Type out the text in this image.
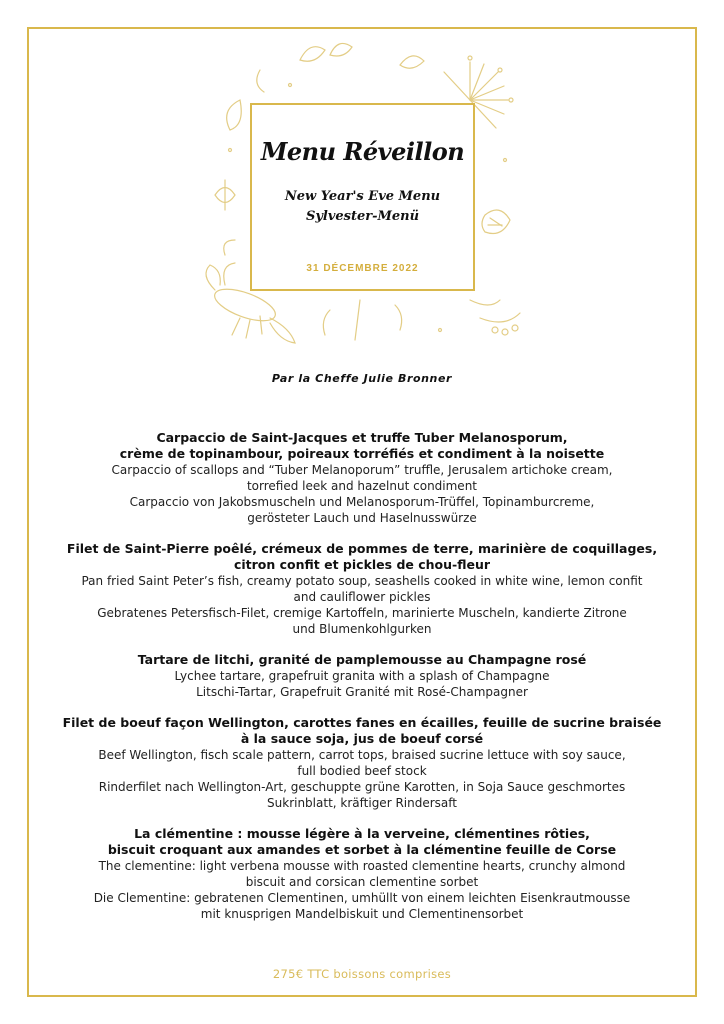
Menu Réveillon
New Year's Eve Menu
Sylvester-Menü
31 DÉCEMBRE 2022
Par la Cheffe Julie Bronner
Carpaccio de Saint-Jacques et truffe Tuber Melanosporum,
crème de topinambour, poireaux torréfiés et condiment à la noisette
Carpaccio of scallops and “Tuber Melanoporum” truffle, Jerusalem artichoke cream,
torrefied leek and hazelnut condiment
Carpaccio von Jakobsmuscheln und Melanosporum-Trüffel, Topinamburcreme,
gerösteter Lauch und Haselnusswürze
Filet de Saint-Pierre poêlé, crémeux de pommes de terre, marinière de coquillages,
citron confit et pickles de chou-fleur
Pan fried Saint Peter’s fish, creamy potato soup, seashells cooked in white wine, lemon confit
and cauliflower pickles
Gebratenes Petersfisch-Filet, cremige Kartoffeln, marinierte Muscheln, kandierte Zitrone
und Blumenkohlgurken
Tartare de litchi, granité de pamplemousse au Champagne rosé
Lychee tartare, grapefruit granita with a splash of Champagne
Litschi-Tartar, Grapefruit Granité mit Rosé-Champagner
Filet de boeuf façon Wellington, carottes fanes en écailles, feuille de sucrine braisée
à la sauce soja, jus de boeuf corsé
Beef Wellington, fisch scale pattern, carrot tops, braised sucrine lettuce with soy sauce,
full bodied beef stock
Rinderfilet nach Wellington-Art, geschuppte grüne Karotten, in Soja Sauce geschmortes
Sukrinblatt, kräftiger Rindersaft
La clémentine : mousse légère à la verveine, clémentines rôties,
biscuit croquant aux amandes et sorbet à la clémentine feuille de Corse
The clementine: light verbena mousse with roasted clementine hearts, crunchy almond
biscuit and corsican clementine sorbet
Die Clementine: gebratenen Clementinen, umhüllt von einem leichten Eisenkrautmousse
mit knusprigen Mandelbiskuit und Clementinensorbet
275€ TTC boissons comprises
